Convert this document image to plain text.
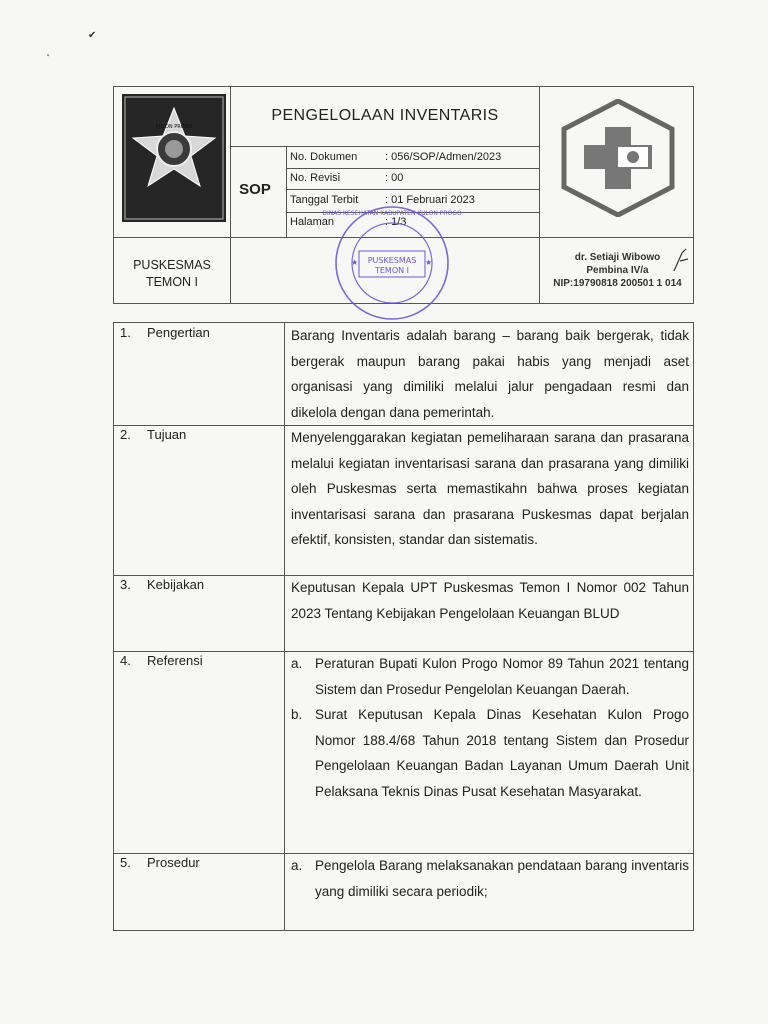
✔
˛
KULON PROGO
PENGELOLAAN INVENTARIS
SOP
No. Dokumen	: 056/SOP/Admen/2023
No. Revisi	: 00
Tanggal Terbit : 01 Februari 2023
Halaman	: 1/3
PUSKESMAS
TEMON I
dr. Setiaji Wibowo
Pembina IV/a
NIP:19790818 200501 1 014
PUSKESMAS
TEMON I
DINAS KESEHATAN KABUPATEN KULON PROGO
★	★
1. Pengertian	Barang Inventaris adalah barang – barang baik bergerak, tidak bergerak maupun barang pakai habis yang menjadi aset organisasi yang dimiliki melalui jalur pengadaan resmi dan dikelola dengan dana pemerintah.
2. Tujuan	Menyelenggarakan kegiatan pemeliharaan sarana dan prasarana melalui kegiatan inventarisasi sarana dan prasarana yang dimiliki oleh Puskesmas serta memastikahn bahwa proses kegiatan inventarisasi sarana dan prasarana Puskesmas dapat berjalan efektif, konsisten, standar dan sistematis.
3. Kebijakan	Keputusan Kepala UPT Puskesmas Temon I Nomor 002 Tahun 2023 Tentang Kebijakan Pengelolaan Keuangan BLUD
4. Referensi	a. Peraturan Bupati Kulon Progo Nomor 89 Tahun 2021 tentang Sistem dan Prosedur Pengelolan Keuangan Daerah.
b. Surat Keputusan Kepala Dinas Kesehatan Kulon Progo Nomor 188.4/68 Tahun 2018 tentang Sistem dan Prosedur Pengelolaan Keuangan Badan Layanan Umum Daerah Unit Pelaksana Teknis Dinas Pusat Kesehatan Masyarakat.
5. Prosedur	a. Pengelola Barang melaksanakan pendataan barang inventaris yang dimiliki secara periodik;
